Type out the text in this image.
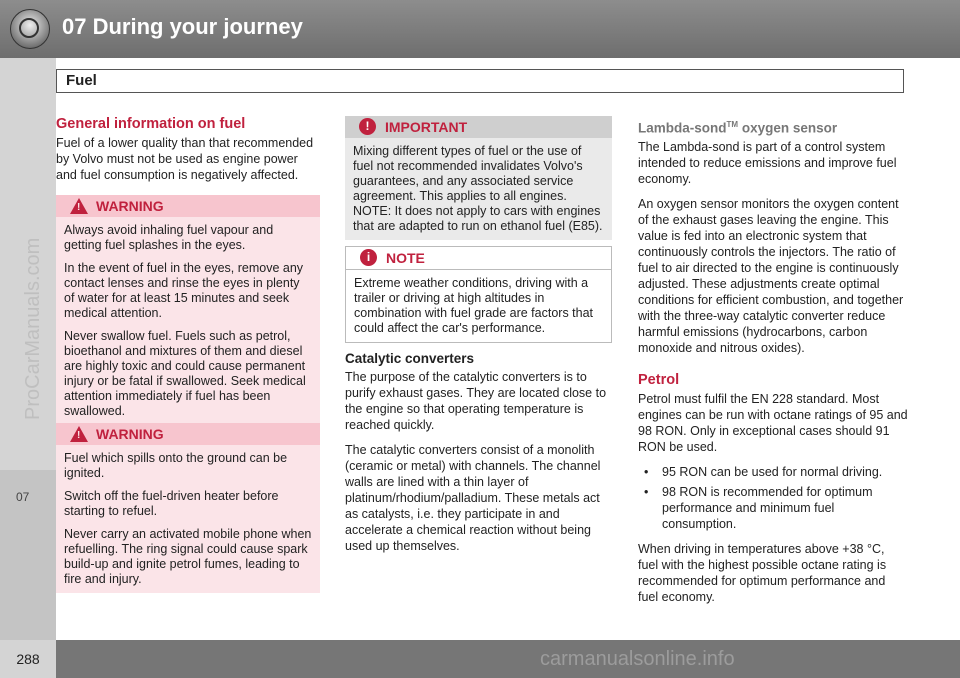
07 During your journey
07
ProCarManuals.com
Fuel
General information on fuel

Fuel of a lower quality than that recommended by Volvo must not be used as engine power and fuel consumption is negatively affected.

! WARNING

Always avoid inhaling fuel vapour and getting fuel splashes in the eyes.

In the event of fuel in the eyes, remove any contact lenses and rinse the eyes in plenty of water for at least 15 minutes and seek medical attention.

Never swallow fuel. Fuels such as petrol, bioethanol and mixtures of them and diesel are highly toxic and could cause permanent injury or be fatal if swallowed. Seek medical attention immediately if fuel has been swallowed.

! WARNING

Fuel which spills onto the ground can be ignited.

Switch off the fuel-driven heater before starting to refuel.

Never carry an activated mobile phone when refuelling. The ring signal could cause spark build-up and ignite petrol fumes, leading to fire and injury.

!	IMPORTANT

Mixing different types of fuel or the use of fuel not recommended invalidates Volvo's guarantees, and any associated service agreement. This applies to all engines. NOTE: It does not apply to cars with engines that are adapted to run on ethanol fuel (E85).

i	NOTE

Extreme weather conditions, driving with a trailer or driving at high altitudes in combination with fuel grade are factors that could affect the car's performance.

Catalytic converters

The purpose of the catalytic converters is to purify exhaust gases. They are located close to the engine so that operating temperature is reached quickly.

The catalytic converters consist of a monolith (ceramic or metal) with channels. The channel walls are lined with a thin layer of platinum/rhodium/palladium. These metals act as catalysts, i.e. they participate in and accelerate a chemical reaction without being used up themselves.

Lambda-sond™ oxygen sensor

The Lambda-sond is part of a control system intended to reduce emissions and improve fuel economy.

An oxygen sensor monitors the oxygen content of the exhaust gases leaving the engine. This value is fed into an electronic system that continuously controls the injectors. The ratio of fuel to air directed to the engine is continuously adjusted. These adjustments create optimal conditions for efficient combustion, and together with the three-way catalytic converter reduce harmful emissions (hydrocarbons, carbon monoxide and nitrous oxides).

Petrol

Petrol must fulfil the EN 228 standard. Most engines can be run with octane ratings of 95 and 98 RON. Only in exceptional cases should 91 RON be used.

• 95 RON can be used for normal driving.
• 98 RON is recommended for optimum performance and minimum fuel consumption.

When driving in temperatures above +38 °C, fuel with the highest possible octane rating is recommended for optimum performance and fuel economy.

288	carmanualsonline.info
